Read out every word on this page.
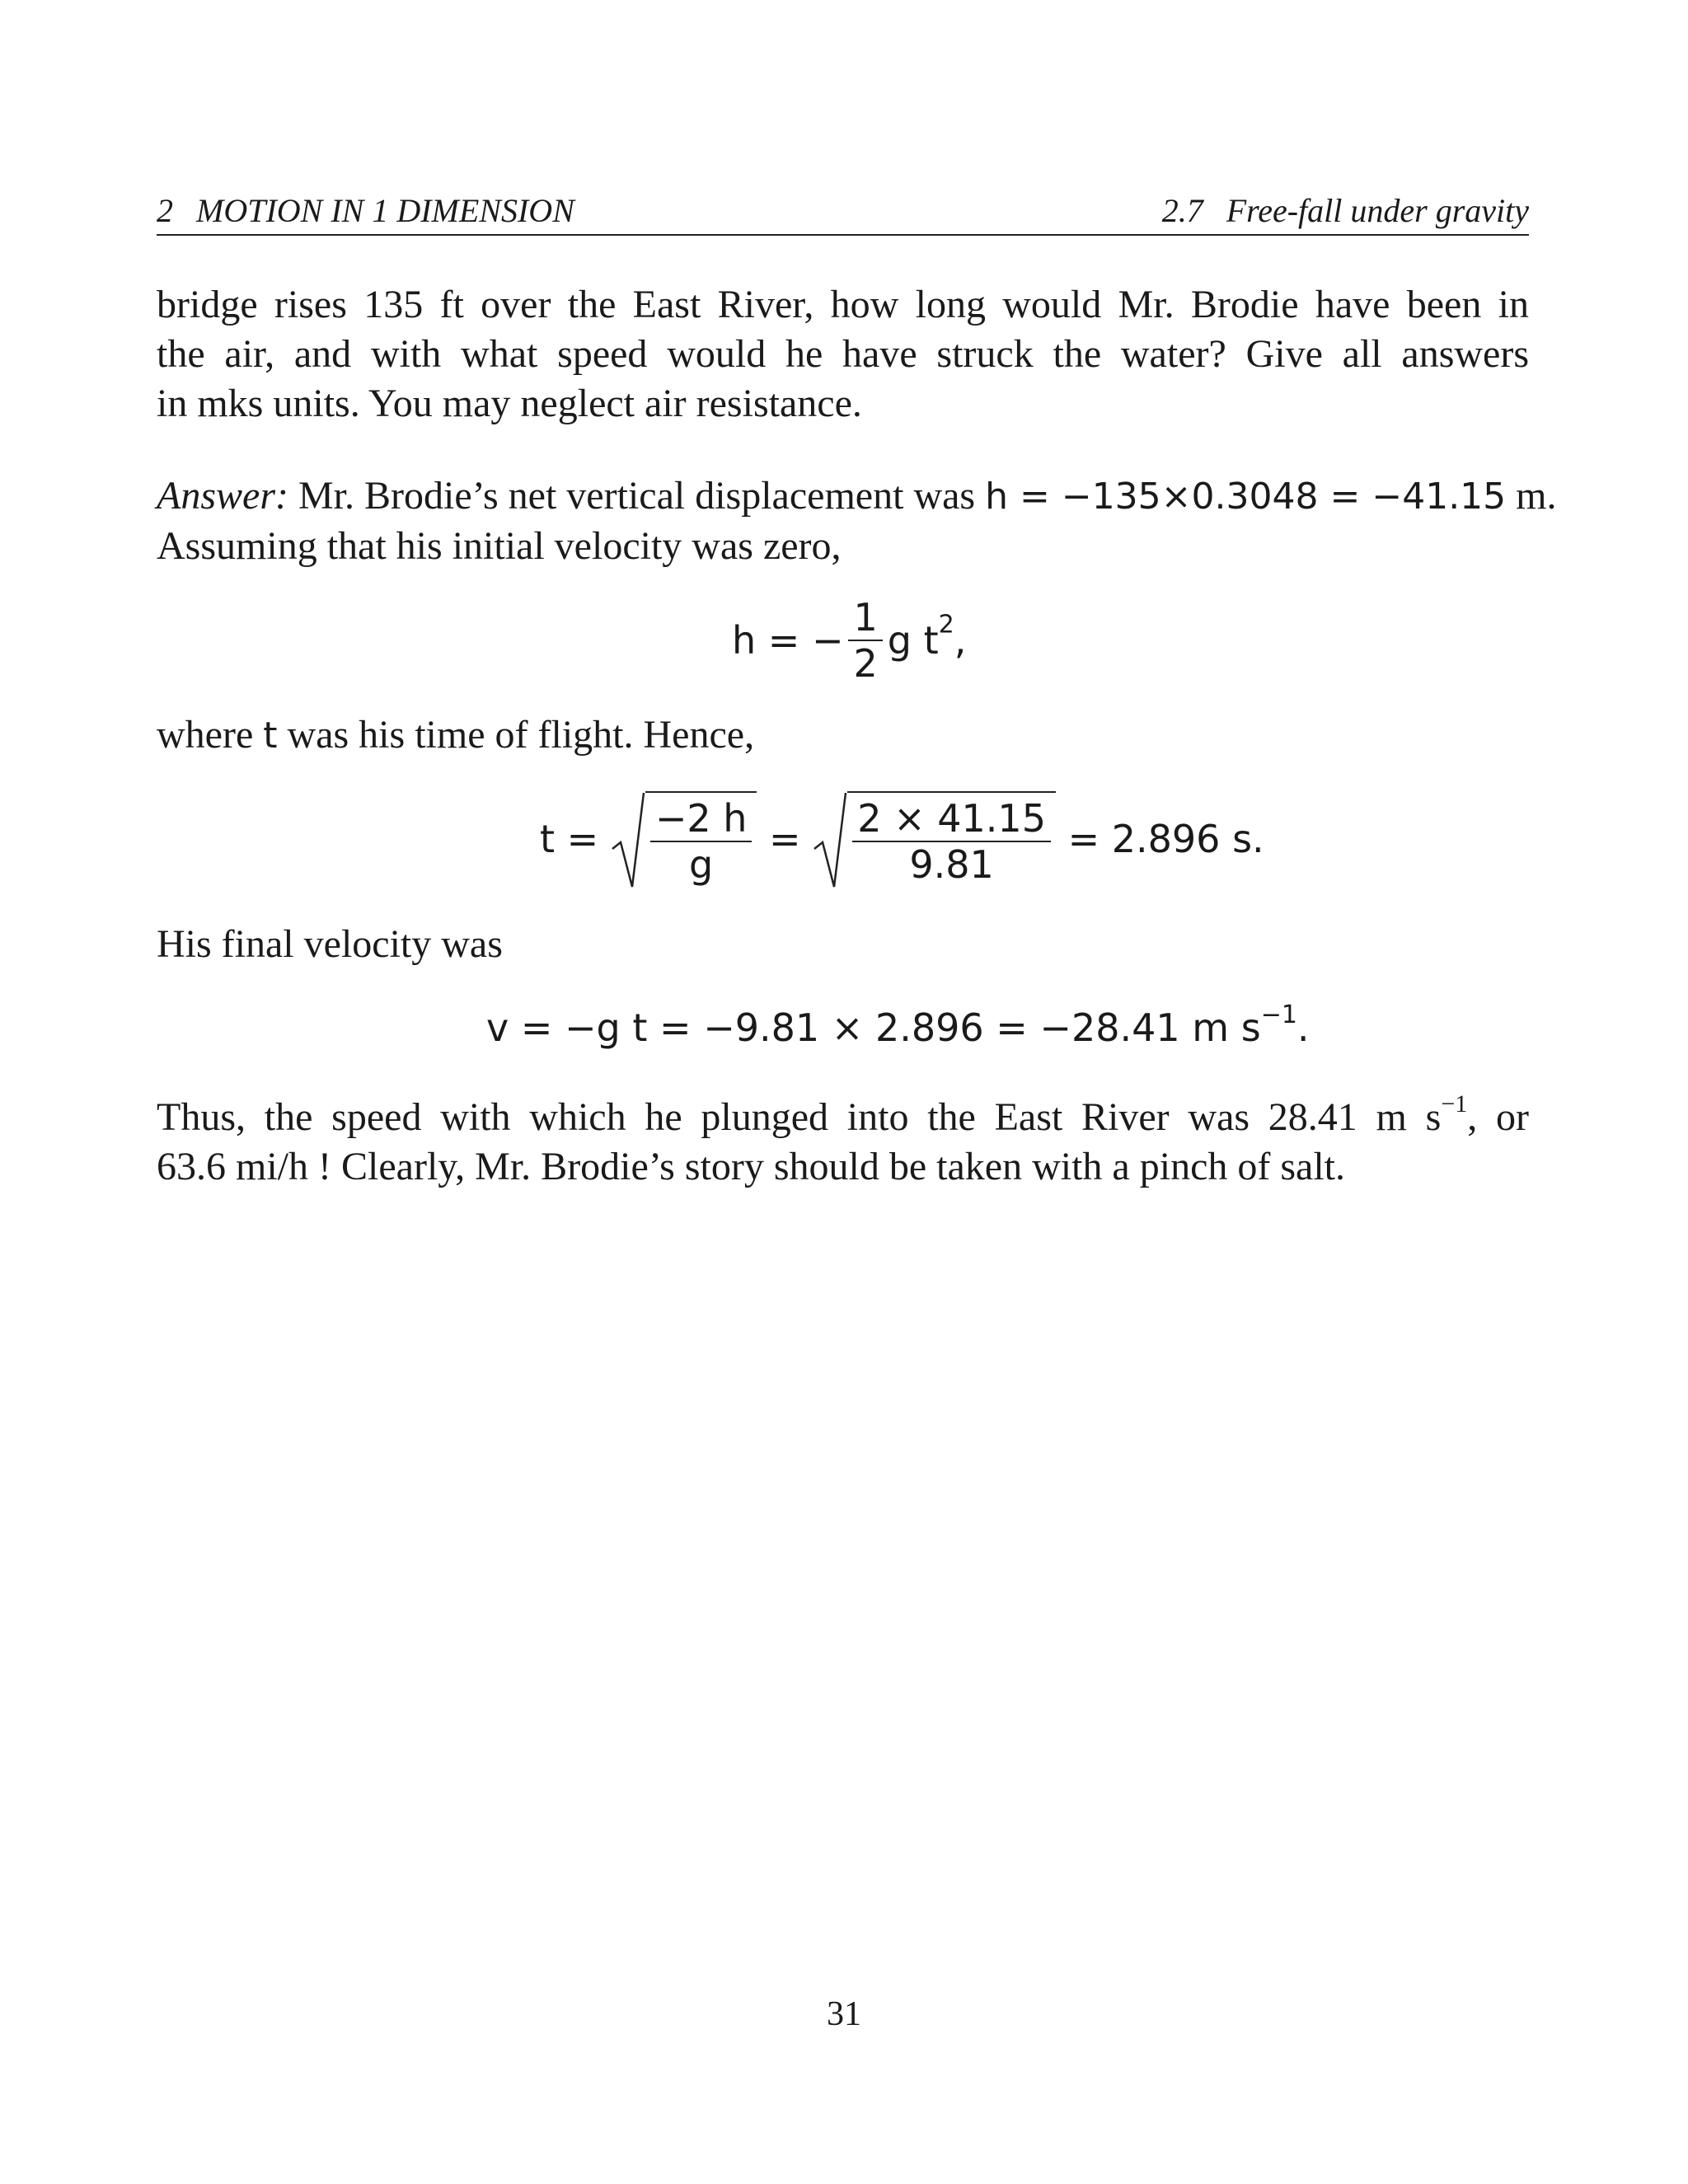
2 MOTION IN 1 DIMENSION	2.7 Free-fall under gravity
bridge rises 135 ft over the East River, how long would Mr. Brodie have been in
the air, and with what speed would he have struck the water? Give all answers
in mks units. You may neglect air resistance.
Answer: Mr. Brodie’s net vertical displacement was h = −135×0.3048 = −41.15 m.
Assuming that his initial velocity was zero,
h = − $\frac{1}{2}$ g $t^2$,
where t was his time of flight. Hence,
$t = \frac{-2 h}{g} = \frac{2 \times 41.15}{9.81} = 2.896$ s.
His final velocity was
v = −g t = −9.81 × 2.896 = −28.41 m $s^{-1}$.
Thus, the speed with which he plunged into the East River was 28.41 m $s^{-1}$, or
63.6 mi/h ! Clearly, Mr. Brodie’s story should be taken with a pinch of salt.
31
